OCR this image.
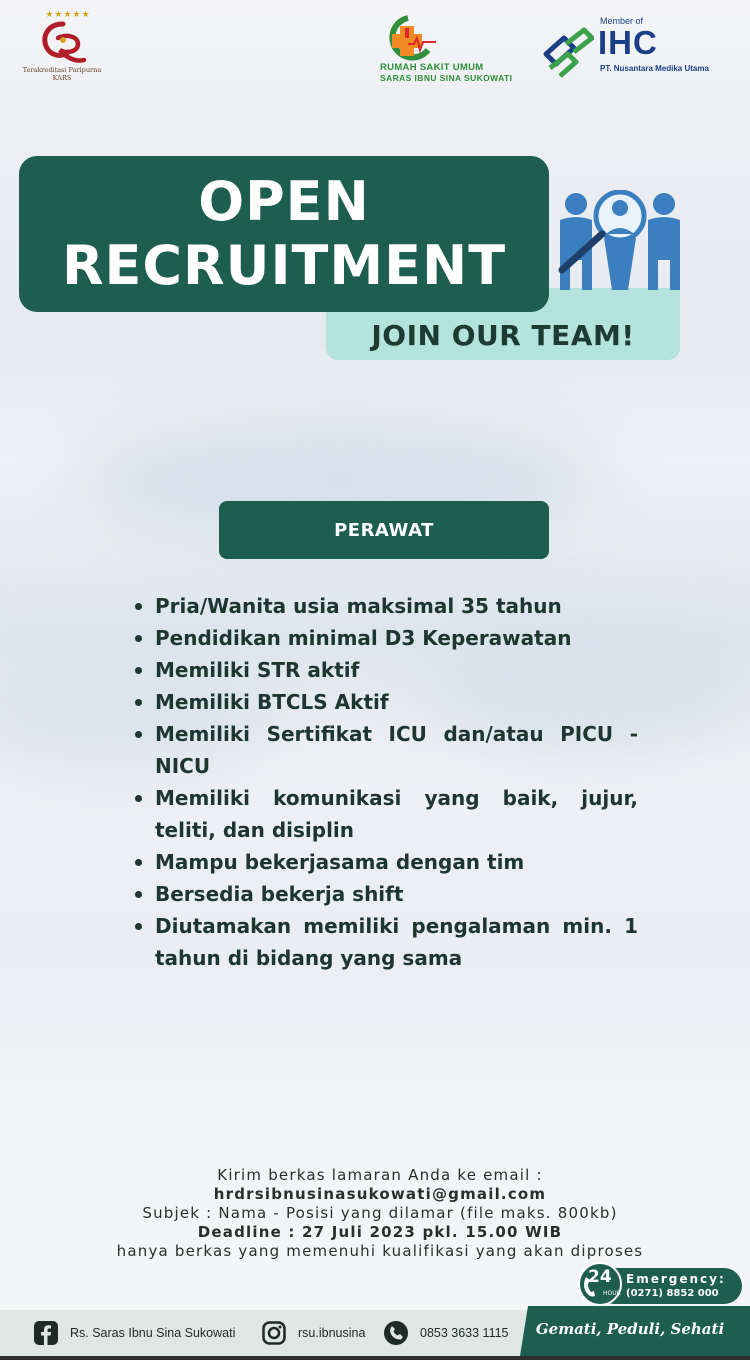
★★★★★
Terakreditasi Paripurna
KARS
RUMAH SAKIT UMUM
SARAS IBNU SINA SUKOWATI
Member of
IHC
PT. Nusantara Medika Utama
JOIN OUR TEAM!
OPEN
RECRUITMENT
PERAWAT
Pria/Wanita usia maksimal 35 tahun
Pendidikan minimal D3 Keperawatan
Memiliki STR aktif
Memiliki BTCLS Aktif
Memiliki Sertifikat ICU dan/atau PICU - NICU
Memiliki komunikasi yang baik, jujur, teliti, dan disiplin
Mampu bekerjasama dengan tim
Bersedia bekerja shift
Diutamakan memiliki pengalaman min. 1 tahun di bidang yang sama
Kirim berkas lamaran Anda ke email :
hrdrsibnusinasukowati@gmail.com
Subjek : Nama - Posisi yang dilamar (file maks. 800kb)
Deadline : 27 Juli 2023 pkl. 15.00 WIB
hanya berkas yang memenuhi kualifikasi yang akan diproses
24
HOUR
Emergency:
(0271) 8852 000
Rs. Saras Ibnu Sina Sukowati	rsu.ibnusina	0853 3633 1115	Gemati, Peduli, Sehati
